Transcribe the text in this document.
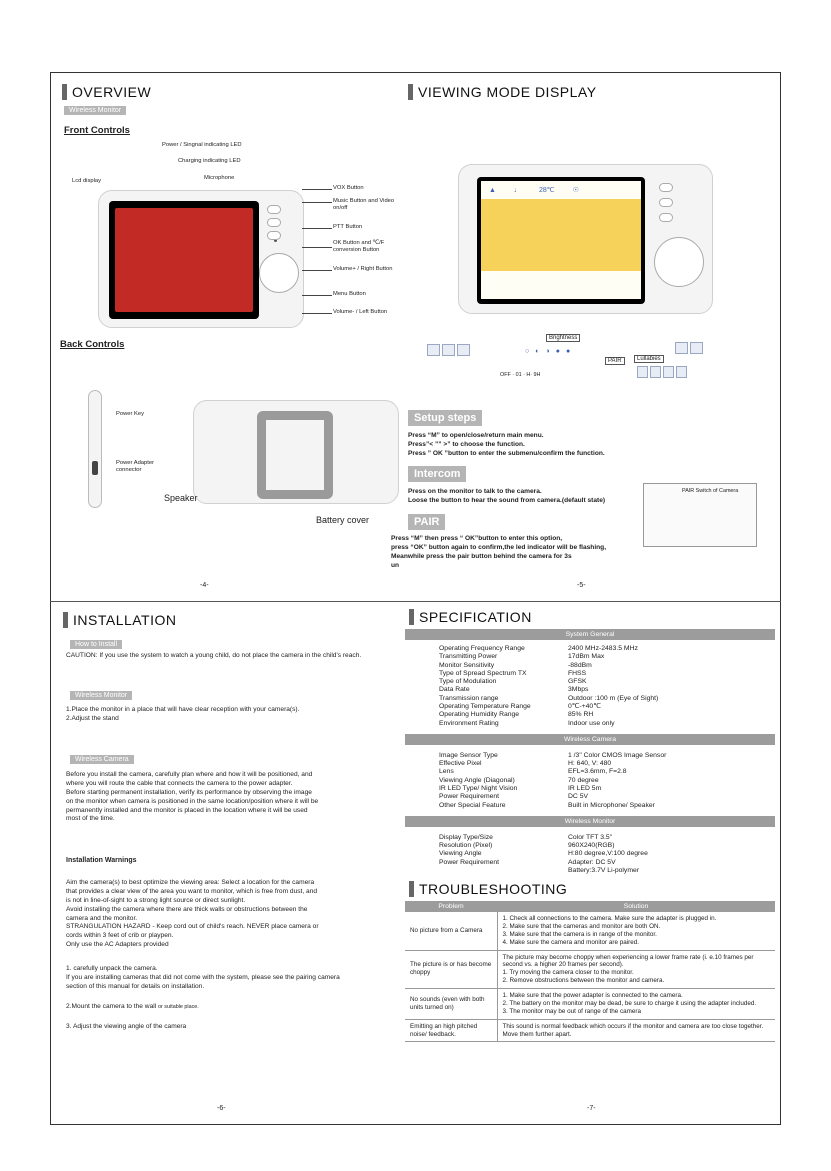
OVERVIEW
Wireless Monitor
Front Controls
Power / Singnal indicating LED
Charging indicating LED
Microphone
Lcd display
VOX Button
Music Button and Video on/off
PTT Button
OK Button and ℃/F conversion Button
Volume+ / Right Button
Menu Button
Volume- / Left Button
Back Controls
Power Key
Power Adapter connector
Speaker
Battery cover
-4-
VIEWING MODE DISPLAY
▲	♩	28℃	☉
OFF · 01 · H· 9H
Brightness
○ ◐ ◑ ● ●
PAIR	Lullabies
Setup steps
Press “M” to open/close/return main menu.
Press”< ”” >” to choose the function.
Press ” OK ”button to enter the submenu/confirm the function.
Intercom
Press on the monitor to talk to the camera.
Loose the button to hear the sound from camera.(default state)
PAIR
Press “M” then press “ OK”button to enter this option,
press “OK” button again to confirm,the led indicator will be flashing,
Meanwhile press the pair button behind the camera for 3s
un
PAIR Switch of Camera
-5-
INSTALLATION
How to Install
CAUTION: If you use the system to watch a young child, do not place the camera in the child's reach.
Wireless Monitor
1.Place the monitor in a place that will have clear reception with your camera(s).
2.Adjust the stand
Wireless Camera
Before you install the camera, carefully plan where and how it will be positioned, and
where you will route the cable that connects the camera to the power adapter.
Before starting permanent installation, verify its performance by observing the image
on the monitor when camera is positioned in the same location/position where it will be
permanently installed and the monitor is placed in the location where it will be used
most of the time.
Installation Warnings
Aim the camera(s) to best optimize the viewing area: Select a location for the camera
that provides a clear view of the area you want to monitor, which is free from dust, and
is not in line-of-sight to a strong light source or direct sunlight.
Avoid installing the camera where there are thick walls or obstructions between the
camera and the monitor.
STRANGULATION HAZARD - Keep cord out of child's reach. NEVER place camera or
cords within 3 feet of crib or playpen.
Only use the AC Adapters provided
1. carefully unpack the camera.
If you are installing cameras that did not come with the system, please see the pairing camera
section of this manual for details on installation.
2.Mount the camera to the wall or suitable place.
3. Adjust the viewing angle of the camera
-6-
SPECIFICATION
System General
Operating Frequency Range	2400 MHz-2483.5 MHz
Transmitting Power	17dBm Max
Monitor Sensitivity	-88dBm
Type of Spread Spectrum TX	FHSS
Type of Modulation	GFSK
Data Rate	3Mbps
Transmission range	Outdoor :100 m (Eye of Sight)
Operating Temperature Range	0℃-+40℃
Operating Humidity Range	85% RH
Environment Rating	Indoor use only
Wireless Camera
Image Sensor Type	1 /3" Color CMOS Image Sensor
Effective Pixel	H: 640, V: 480
Lens	EFL=3.6mm, F=2.8
Viewing Angle (Diagonal)	70 degree
IR LED Type/ Night Vision	IR LED 5m
Power Requirement	DC 5V
Other Special Feature	Built in Microphone/ Speaker
Wireless Monitor
Display Type/Size	Color TFT 3.5"
Resolution (Pixel)	960X240(RGB)
Viewing Angle	H:80 degree,V:100 degree
Power Requirement	Adapter: DC 5V
Battery:3.7V Li-polymer
TROUBLESHOOTING
Problem	Solution
No picture from a Camera	1. Check all connections to the camera. Make sure the adapter is plugged in.
2. Make sure that the cameras and monitor are both ON.
3. Make sure that the camera is in range of the monitor.
4. Make sure the camera and monitor are paired.
The picture is or has become choppy	The picture may become choppy when experiencing a lower frame rate (i. e.10 frames per second vs. a higher 20 frames per second).
1. Try moving the camera closer to the monitor.
2. Remove obstructions between the monitor and camera.
No sounds (even with both units turned on)	1. Make sure that the power adapter is connected to the camera.
2. The battery on the monitor may be dead, be sure to charge it using the adapter included.
3. The monitor may be out of range of the camera
Emitting an high pitched noise/ feedback.	This sound is normal feedback which occurs if the monitor and camera are too close together. Move them further apart.
-7-
